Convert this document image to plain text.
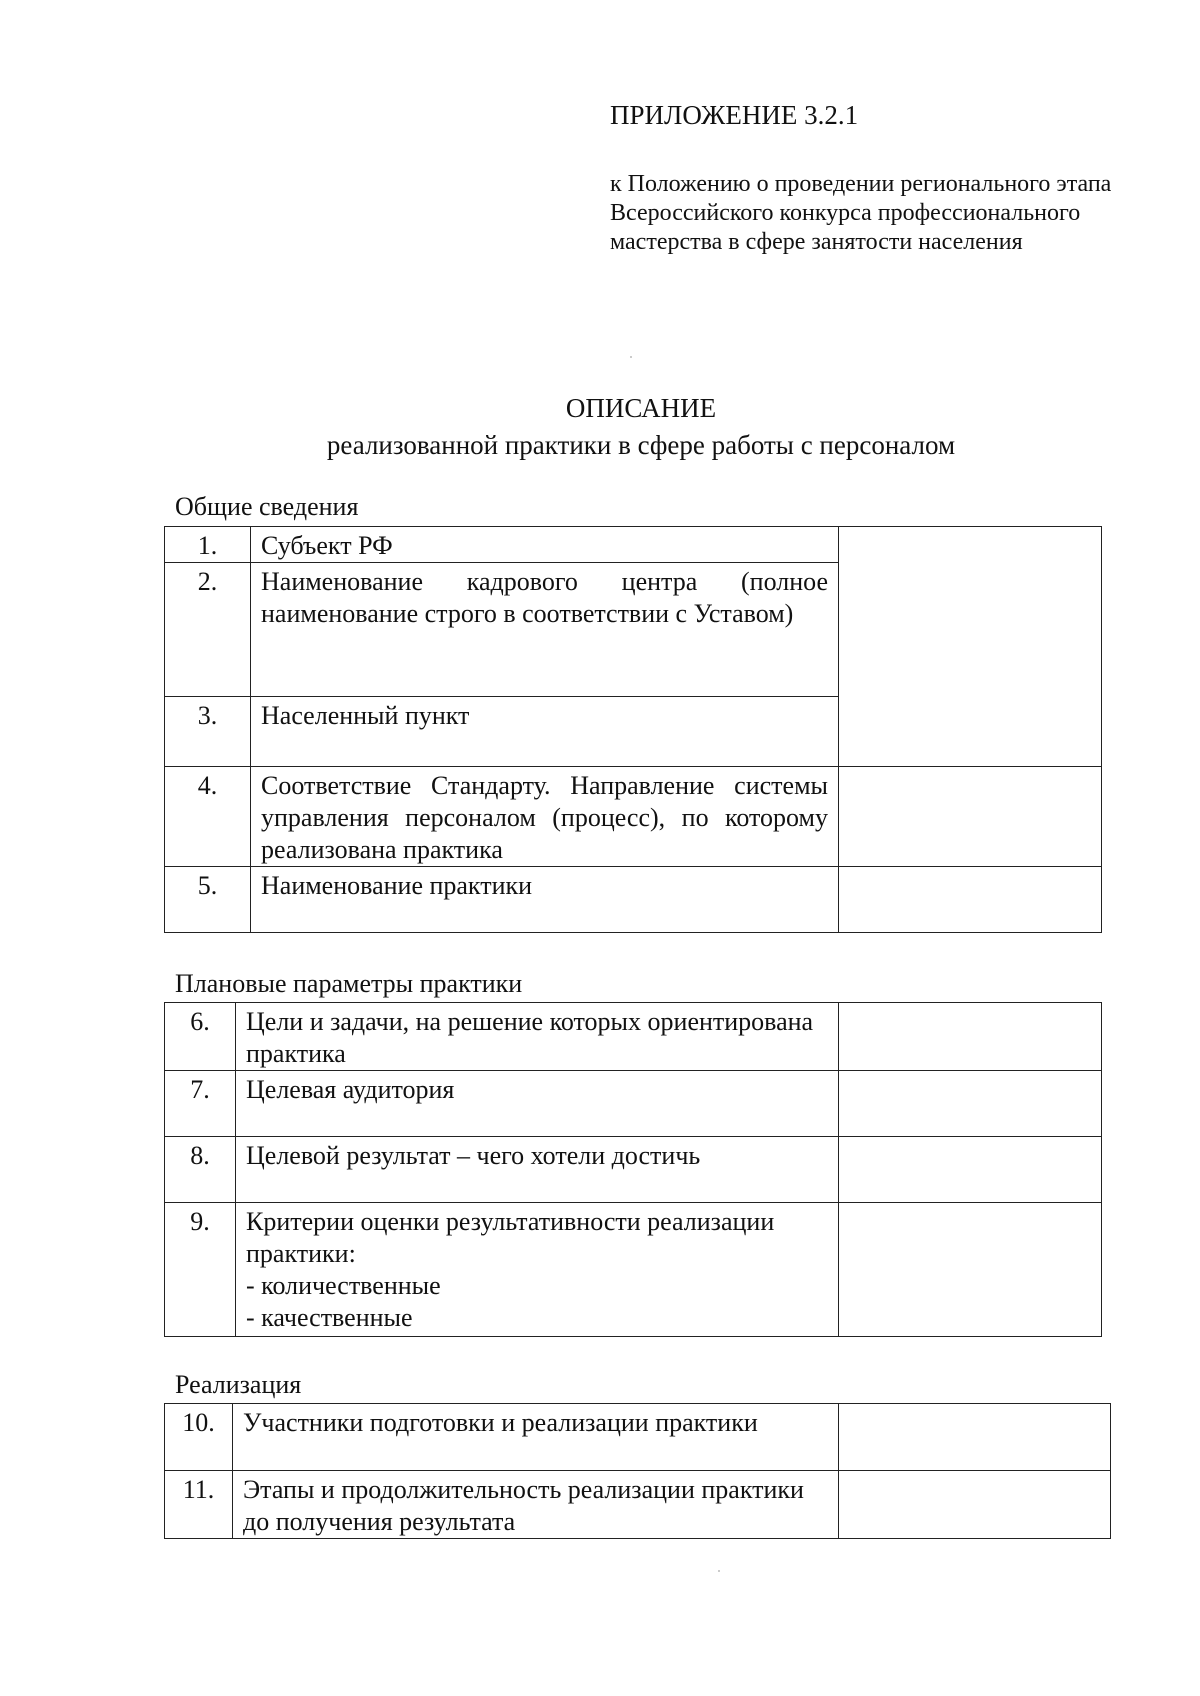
ПРИЛОЖЕНИЕ 3.2.1
к Положению о проведении регионального этапа Всероссийского конкурса профессионального мастерства в сфере занятости населения
ОПИСАНИЕ
реализованной практики в сфере работы с персоналом
Общие сведения
1.	Субъект РФ	
2.	Наименование кадрового центра (полное наименование строго в соответствии с Уставом)	
3.	Населенный пункт	
4.	Соответствие Стандарту. Направление системы управления персоналом (процесс), по которому реализована практика	
5.	Наименование практики	
Плановые параметры практики
6.	Цели и задачи, на решение которых ориентирована практика	
7.	Целевая аудитория	
8.	Целевой результат – чего хотели достичь	
9.	Критерии оценки результативности реализации практики:
- количественные
- качественные	

Реализация
10.	Участники подготовки и реализации практики	
11.	Этапы и продолжительность реализации практики до получения результата	
